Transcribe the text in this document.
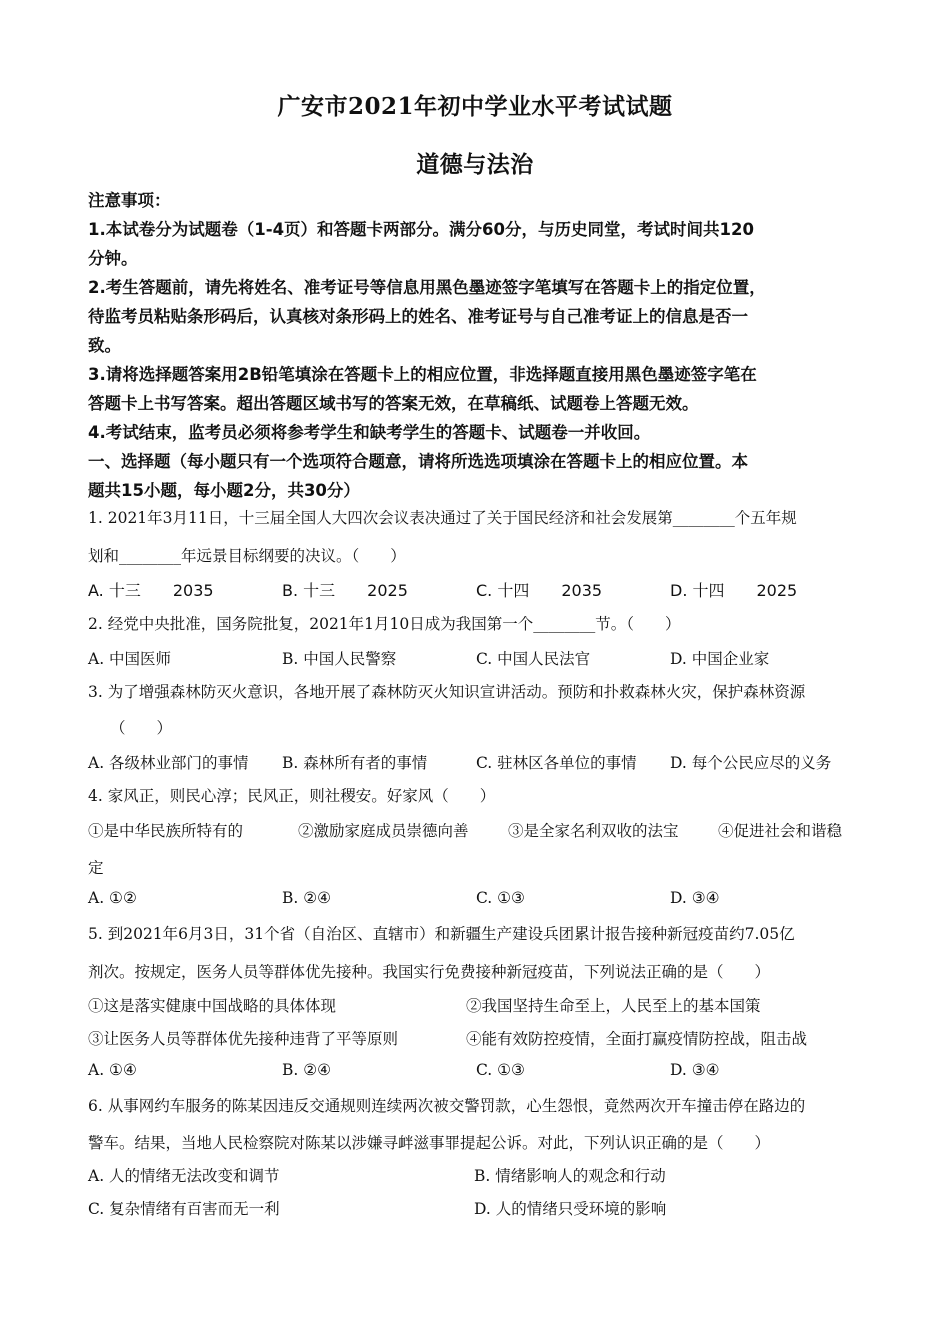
广安市2021年初中学业水平考试试题
道德与法治
注意事项：
1.本试卷分为试题卷（1-4页）和答题卡两部分。满分60分，与历史同堂，考试时间共120
分钟。
2.考生答题前，请先将姓名、准考证号等信息用黑色墨迹签字笔填写在答题卡上的指定位置，
待监考员粘贴条形码后，认真核对条形码上的姓名、准考证号与自己准考证上的信息是否一
致。
3.请将选择题答案用2B铅笔填涂在答题卡上的相应位置，非选择题直接用黑色墨迹签字笔在
答题卡上书写答案。超出答题区域书写的答案无效，在草稿纸、试题卷上答题无效。
4.考试结束，监考员必须将参考学生和缺考学生的答题卡、试题卷一并收回。
一、选择题（每小题只有一个选项符合题意，请将所选选项填涂在答题卡上的相应位置。本
题共15小题，每小题2分，共30分）
1. 2021年3月11日，十三届全国人大四次会议表决通过了关于国民经济和社会发展第________个五年规
划和________年远景目标纲要的决议。（　　）
A. 十三　　2035	B. 十三　　2025	C. 十四　　2035	D. 十四　　2025
2. 经党中央批准，国务院批复，2021年1月10日成为我国第一个________节。（　　）
A. 中国医师	B. 中国人民警察	C. 中国人民法官	D. 中国企业家
3. 为了增强森林防灭火意识，各地开展了森林防灭火知识宣讲活动。预防和扑救森林火灾，保护森林资源
（　　）
A. 各级林业部门的事情 B. 森林所有者的事情	C. 驻林区各单位的事情 D. 每个公民应尽的义务
4. 家风正，则民心淳；民风正，则社稷安。好家风（　　）
①是中华民族所特有的	②激励家庭成员崇德向善	③是全家名利双收的法宝	④促进社会和谐稳
定
A. ①②	B. ②④	C. ①③	D. ③④
5. 到2021年6月3日，31个省（自治区、直辖市）和新疆生产建设兵团累计报告接种新冠疫苗约7.05亿
剂次。按规定，医务人员等群体优先接种。我国实行免费接种新冠疫苗，下列说法正确的是（　　）
①这是落实健康中国战略的具体体现	②我国坚持生命至上，人民至上的基本国策
③让医务人员等群体优先接种违背了平等原则	④能有效防控疫情，全面打赢疫情防控战，阻击战
A. ①④	B. ②④	C. ①③	D. ③④
6. 从事网约车服务的陈某因违反交通规则连续两次被交警罚款，心生怨恨，竟然两次开车撞击停在路边的
警车。结果，当地人民检察院对陈某以涉嫌寻衅滋事罪提起公诉。对此，下列认识正确的是（　　）
A. 人的情绪无法改变和调节	B. 情绪影响人的观念和行动
C. 复杂情绪有百害而无一利	D. 人的情绪只受环境的影响
